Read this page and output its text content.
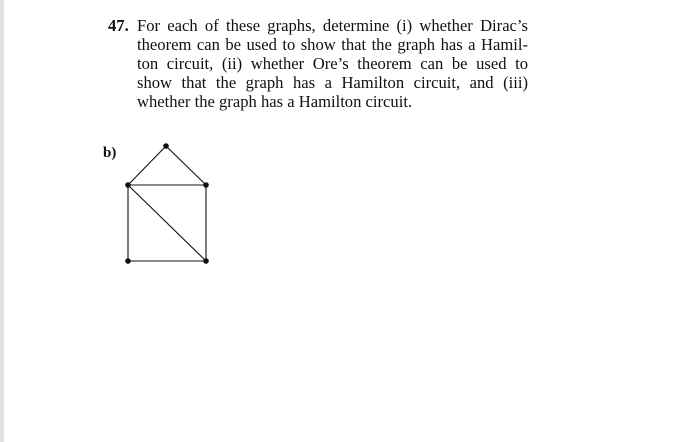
47. For each of these graphs, determine (i) whether Dirac’s
theorem can be used to show that the graph has a Hamil-
ton circuit, (ii) whether Ore’s theorem can be used to
show that the graph has a Hamilton circuit, and (iii)
whether the graph has a Hamilton circuit.
b)
